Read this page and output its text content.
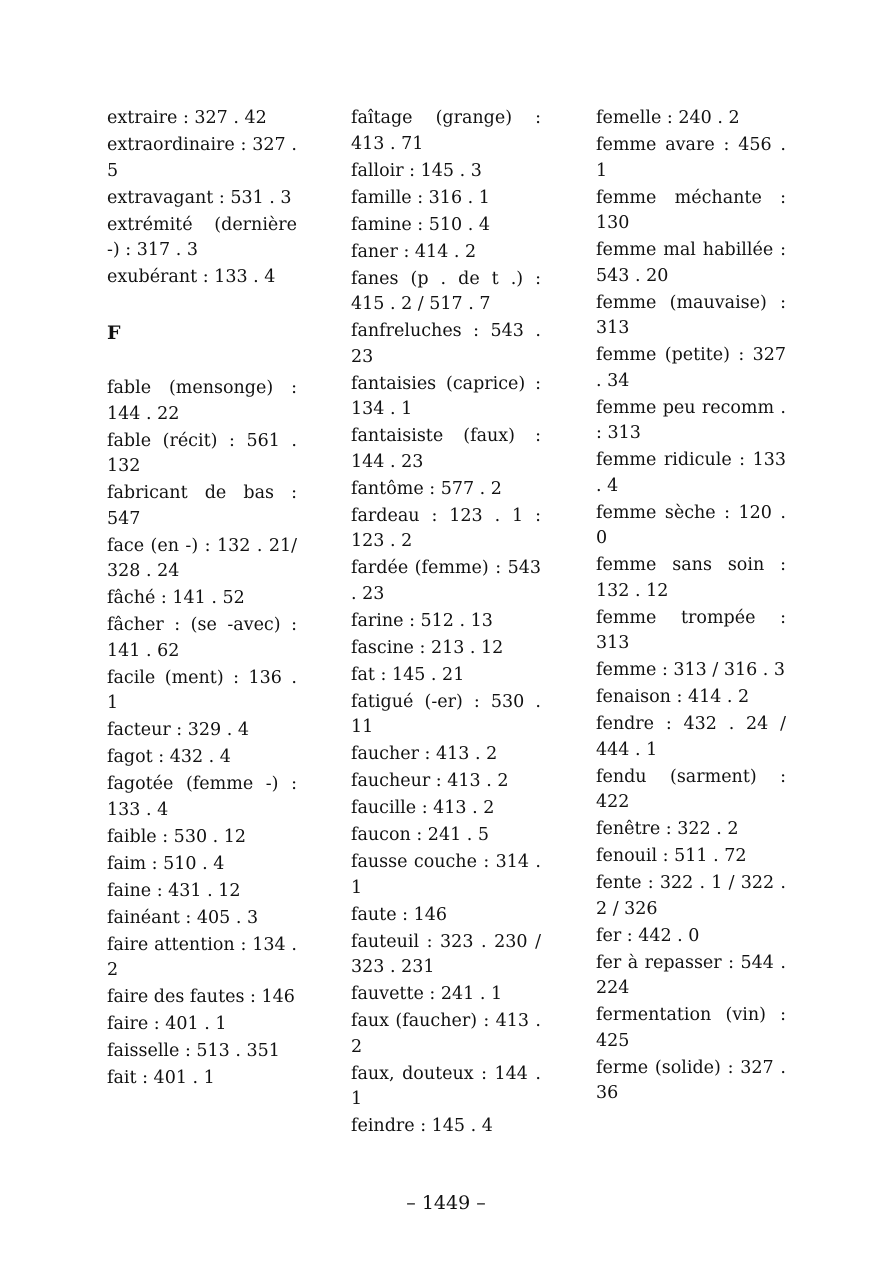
extraire : 327 . 42
extraordinaire : 327 . 5
extravagant : 531 . 3
extrémité (dernière -) : 317 . 3
exubérant : 133 . 4
F
fable (mensonge) : 144 . 22
fable (récit) : 561 . 132
fabricant de bas : 547
face (en -) : 132 . 21/ 328 . 24
fâché : 141 . 52
fâcher : (se -avec) : 141 . 62
facile (ment) : 136 . 1
facteur : 329 . 4
fagot : 432 . 4
fagotée (femme -) : 133 . 4
faible : 530 . 12
faim : 510 . 4
faine : 431 . 12
fainéant : 405 . 3
faire attention : 134 . 2
faire des fautes : 146
faire : 401 . 1
faisselle : 513 . 351
fait : 401 . 1
faîtage (grange) : 413 . 71
falloir : 145 . 3
famille : 316 . 1
famine : 510 . 4
faner : 414 . 2
fanes (p . de t .) : 415 . 2 / 517 . 7
fanfreluches : 543 . 23
fantaisies (caprice) : 134 . 1
fantaisiste (faux) : 144 . 23
fantôme : 577 . 2
fardeau : 123 . 1 : 123 . 2
fardée (femme) : 543 . 23
farine : 512 . 13
fascine : 213 . 12
fat : 145 . 21
fatigué (-er) : 530 . 11
faucher : 413 . 2
faucheur : 413 . 2
faucille : 413 . 2
faucon : 241 . 5
fausse couche : 314 . 1
faute : 146
fauteuil : 323 . 230 / 323 . 231
fauvette : 241 . 1
faux (faucher) : 413 . 2
faux, douteux : 144 . 1
feindre : 145 . 4
femelle : 240 . 2
femme avare : 456 . 1
femme méchante : 130
femme mal habillée : 543 . 20
femme (mauvaise) : 313
femme (petite) : 327 . 34
femme peu recomm . : 313
femme ridicule : 133 . 4
femme sèche : 120 . 0
femme sans soin : 132 . 12
femme trompée : 313
femme : 313 / 316 . 3
fenaison : 414 . 2
fendre : 432 . 24 / 444 . 1
fendu (sarment) : 422
fenêtre : 322 . 2
fenouil : 511 . 72
fente : 322 . 1 / 322 . 2 / 326
fer : 442 . 0
fer à repasser : 544 . 224
fermentation (vin) : 425
ferme (solide) : 327 . 36
– 1449 –
